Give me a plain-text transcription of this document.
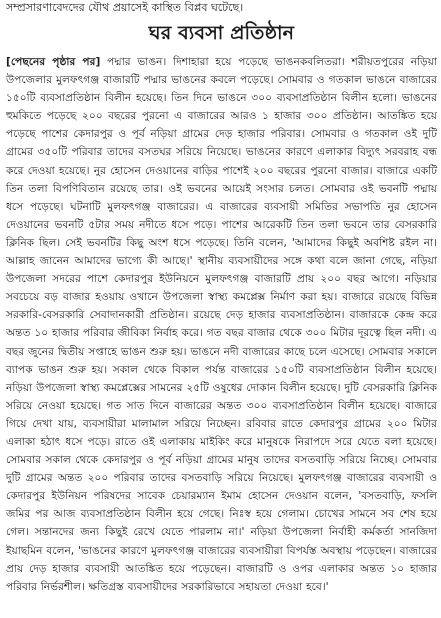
সম্প্রসারণাবেদদের যৌথ প্রয়াসেই কাস্থিত বিপ্লব ঘটেছে।
ঘর ব্যবসা প্রতিষ্ঠান
[পেছনের পৃষ্ঠার পর] পদ্মার ভাঙন। দিশাহারা হয়ে পড়েছে ভাঙনকবলিতরা। শরীয়তপুরের নড়িয়া উপজেলার মুলফৎগঞ্জ বাজারটি পদ্মার ভাঙনের কবলে পড়েছে। সোমবার ও গতকাল ভাঙনে বাজারের ১৫০টি ব্যবসাপ্রতিষ্ঠান বিলীন হয়েছে। তিন দিনে ভাঙনে ৩০০ ব্যবসাপ্রতিষ্ঠান বিলীন হলো। ভাঙনের হুমকিতে পড়েছে ২০০ বছরের পুরনো এ বাজারের আরও ১ হাজার ৩০০ প্রতিষ্ঠান। আতঙ্কিত হয়ে পড়েছে পাশের কেদারপুর ও পূর্ব নড়িয়া গ্রামের দেড় হাজার পরিবার। সোমবার ও গতকাল ওই দুটি গ্রামের ৩৫০টি পরিবার তাদের বসতঘর সরিয়ে নিয়েছে। ভাঙনের কারণে এলাকার বিদ্যুৎ সরবরাহ বন্ধ করে দেওয়া হয়েছে। নুর হোসেন দেওয়ানের বাড়ির পাশেই ২০০ বছরের পুরনো বাজার। বাজারে একটি তিন তলা বিপণিবিতান রয়েছে তার। ওই ভবনের আয়েই সংসার চলত। সোমবার ওই ভবনটি পদ্মায় ধসে পড়েছে। ঘটনাটি মুলফৎগঞ্জ বাজারের। এ বাজারের ব্যবসায়ী সমিতির সভাপতি নুর হোসেন দেওয়ানের ভবনটি ৫টার সময় নদীতে ধসে পড়ে। পাশের আরেকটি তিন তলা ভবনে তার বেসরকারি ক্লিনিক ছিল। সেই ভবনটির কিছু অংশ ধসে পড়েছে। তিনি বলেন, 'আমাদের কিছুই অবশিষ্ট রইল না। আল্লাহ জানেন আমাদের ভাগ্যে কী আছে।' স্থানীয় ব্যবসায়ীদের সঙ্গে কথা বলে জানা গেছে, নড়িয়া উপজেলা সদরের পাশে কেদারপুর ইউনিয়নে মুলফৎগঞ্জ বাজারটি প্রায় ২০০ বছর আগে। নড়িয়ার সবচেয়ে বড় বাজার হওয়ায় ওখানে উপজেলা স্বাস্থ্য কমপ্লেক্স নির্মাণ করা হয়। বাজারে রয়েছে বিভিন্ন সরকারি-বেসরকারি সেবাদানকারী প্রতিষ্ঠান। রয়েছে দেড় হাজার ব্যবসাপ্রতিষ্ঠান। বাজারকে কেন্দ্র করে অন্তত ১০ হাজার পরিবার জীবিকা নির্বাহ করে। গত বছর বাজার থেকে ৩০০ মিটার দূরত্বে ছিল নদী। এ বছর জুনের দ্বিতীয় সপ্তাহে ভাঙন শুরু হয়। ভাঙনে নদী বাজারের কাছে চলে এসেছে। সোমবার সকালে ব্যাপক ভাঙন শুরু হয়। সকাল থেকে বিকাল পর্যন্ত বাজারের ১৫০টি ব্যবসাপ্রতিষ্ঠান বিলীন হয়েছে। নড়িয়া উপজেলা স্বাস্থ্য কমপ্লেক্সের সামনের ২৫টি ওষুধের দোকান বিলীন হয়েছে। দুটি বেসরকারি ক্লিনিক সরিয়ে নেওয়া হয়েছে। গত সাত দিনে বাজারের অন্তত ৩০০ ব্যবসাপ্রতিষ্ঠান বিলীন হয়েছে। বাজারে গিয়ে দেখা যায়, ব্যবসায়ীরা মালামাল সরিয়ে নিচ্ছেন। রবিবার রাতে কেদারপুর গ্রামের ২০০ মিটার এলাকা হঠাৎ ধসে পড়ে। রাতে ওই এলাকায় মাইকিং করে মানুষকে নিরাপদে সরে যেতে বলা হয়েছে। সোমবার সকাল থেকে কেদারপুর ও পূর্ব নড়িয়া গ্রামের মানুষ তাদের বসতবাড়ি সরিয়ে নিচ্ছে। সোমবার দুটি গ্রামের অন্তত ২০০ পরিবার তাদের বসতবাড়ি সরিয়ে নিয়েছে। মুলফৎগঞ্জ বাজারের ব্যবসায়ী ও কেদারপুর ইউনিয়ন পরিষদের সাবেক চেয়ারম্যান ইমাম হোসেন দেওয়ান বলেন, 'বসতবাড়ি, ফসলি জমির পর আজ ব্যবসাপ্রতিষ্ঠান বিলীন হয়ে গেছে। নিঃস্ব হয়ে গেলাম। চোখের সামনে সব শেষ হয়ে গেল। সন্তানদের জন্য কিছুই রেখে যেতে পারলাম না।' নড়িয়া উপজেলা নির্বাহী কর্মকর্তা সানজিদা ইয়াছমিন বলেন, 'ভাঙনের কারণে মুলফৎগঞ্জ বাজারের ব্যবসায়ীরা বিপর্যস্ত অবস্থায় পড়েছেন। বাজারের প্রায় দেড় হাজার ব্যবসায়ী আতঙ্কিত হয়ে পড়েছেন। বাজারটি ও ওপর এলাকার অন্তত ১০ হাজার পরিবার নির্ভরশীল। ক্ষতিগ্রস্ত ব্যবসায়ীদের সরকারিভাবে সহায়তা দেওয়া হবে।'
